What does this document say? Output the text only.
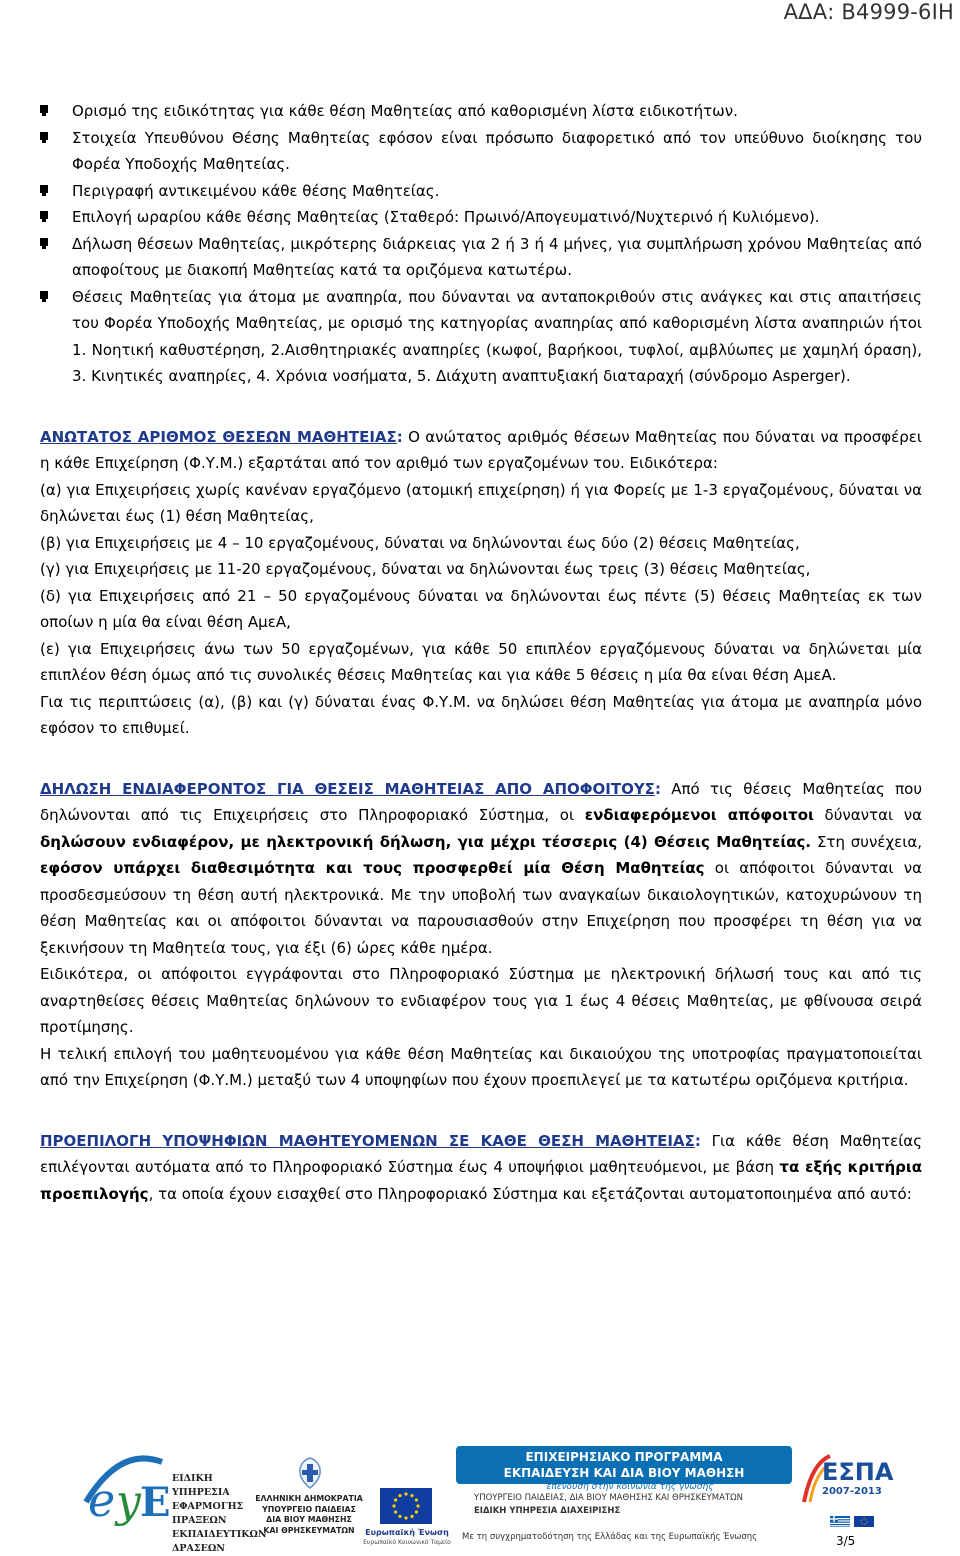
ΑΔΑ: Β4999-6ΙΗ
Ορισμό της ειδικότητας για κάθε θέση Μαθητείας από καθορισμένη λίστα ειδικοτήτων.
Στοιχεία Υπευθύνου Θέσης Μαθητείας εφόσον είναι πρόσωπο διαφορετικό από τον υπεύθυνο διοίκησης του Φορέα Υποδοχής Μαθητείας.
Περιγραφή αντικειμένου κάθε θέσης Μαθητείας.
Επιλογή ωραρίου κάθε θέσης Μαθητείας (Σταθερό: Πρωινό/Απογευματινό/Νυχτερινό ή Κυλιόμενο).
Δήλωση θέσεων Μαθητείας, μικρότερης διάρκειας για 2 ή 3 ή 4 μήνες, για συμπλήρωση χρόνου Μαθητείας από αποφοίτους με διακοπή Μαθητείας κατά τα οριζόμενα κατωτέρω.
Θέσεις Μαθητείας για άτομα με αναπηρία, που δύνανται να ανταποκριθούν στις ανάγκες και στις απαιτήσεις του Φορέα Υποδοχής Μαθητείας, με ορισμό της κατηγορίας αναπηρίας από καθορισμένη λίστα αναπηριών ήτοι 1. Νοητική καθυστέρηση, 2.Αισθητηριακές αναπηρίες (κωφοί, βαρήκοοι, τυφλοί, αμβλύωπες με χαμηλή όραση), 3. Κινητικές αναπηρίες, 4. Χρόνια νοσήματα, 5. Διάχυτη αναπτυξιακή διαταραχή (σύνδρομο Asperger).

ΑΝΩΤΑΤΟΣ ΑΡΙΘΜΟΣ ΘΕΣΕΩΝ ΜΑΘΗΤΕΙΑΣ: Ο ανώτατος αριθμός θέσεων Μαθητείας που δύναται να προσφέρει η κάθε Επιχείρηση (Φ.Υ.Μ.) εξαρτάται από τον αριθμό των εργαζομένων του. Ειδικότερα:

(α) για Επιχειρήσεις χωρίς κανέναν εργαζόμενο (ατομική επιχείρηση) ή για Φορείς με 1-3 εργαζομένους, δύναται να δηλώνεται έως (1) θέση Μαθητείας,

(β) για Επιχειρήσεις με 4 – 10 εργαζομένους, δύναται να δηλώνονται έως δύο (2) θέσεις Μαθητείας,

(γ) για Επιχειρήσεις με 11-20 εργαζομένους, δύναται να δηλώνονται έως τρεις (3) θέσεις Μαθητείας,

(δ) για Επιχειρήσεις από 21 – 50 εργαζομένους δύναται να δηλώνονται έως πέντε (5) θέσεις Μαθητείας εκ των οποίων η μία θα είναι θέση ΑμεΑ,

(ε) για Επιχειρήσεις άνω των 50 εργαζομένων, για κάθε 50 επιπλέον εργαζόμενους δύναται να δηλώνεται μία επιπλέον θέση όμως από τις συνολικές θέσεις Μαθητείας και για κάθε 5 θέσεις η μία θα είναι θέση ΑμεΑ.

Για τις περιπτώσεις (α), (β) και (γ) δύναται ένας Φ.Υ.Μ. να δηλώσει θέση Μαθητείας για άτομα με αναπηρία μόνο εφόσον το επιθυμεί.

ΔΗΛΩΣΗ ΕΝΔΙΑΦΕΡΟΝΤΟΣ ΓΙΑ ΘΕΣΕΙΣ ΜΑΘΗΤΕΙΑΣ ΑΠΟ ΑΠΟΦΟΙΤΟΥΣ: Από τις θέσεις Μαθητείας που δηλώνονται από τις Επιχειρήσεις στο Πληροφοριακό Σύστημα, οι ενδιαφερόμενοι απόφοιτοι δύνανται να δηλώσουν ενδιαφέρον, με ηλεκτρονική δήλωση, για μέχρι τέσσερις (4) Θέσεις Μαθητείας. Στη συνέχεια, εφόσον υπάρχει διαθεσιμότητα και τους προσφερθεί μία Θέση Μαθητείας οι απόφοιτοι δύνανται να προσδεσμεύσουν τη θέση αυτή ηλεκτρονικά. Με την υποβολή των αναγκαίων δικαιολογητικών, κατοχυρώνουν τη θέση Μαθητείας και οι απόφοιτοι δύνανται να παρουσιασθούν στην Επιχείρηση που προσφέρει τη θέση για να ξεκινήσουν τη Μαθητεία τους, για έξι (6) ώρες κάθε ημέρα.

Ειδικότερα, οι απόφοιτοι εγγράφονται στο Πληροφοριακό Σύστημα με ηλεκτρονική δήλωσή τους και από τις αναρτηθείσες θέσεις Μαθητείας δηλώνουν το ενδιαφέρον τους για 1 έως 4 θέσεις Μαθητείας, με φθίνουσα σειρά προτίμησης.

Η τελική επιλογή του μαθητευομένου για κάθε θέση Μαθητείας και δικαιούχου της υποτροφίας πραγματοποιείται από την Επιχείρηση (Φ.Υ.Μ.) μεταξύ των 4 υποψηφίων που έχουν προεπιλεγεί με τα κατωτέρω οριζόμενα κριτήρια.

ΠΡΟΕΠΙΛΟΓΗ ΥΠΟΨΗΦΙΩΝ ΜΑΘΗΤΕΥΟΜΕΝΩΝ ΣΕ ΚΑΘΕ ΘΕΣΗ ΜΑΘΗΤΕΙΑΣ: Για κάθε θέση Μαθητείας επιλέγονται αυτόματα από το Πληροφοριακό Σύστημα έως 4 υποψήφιοι μαθητευόμενοι, με βάση τα εξής κριτήρια προεπιλογής, τα οποία έχουν εισαχθεί στο Πληροφοριακό Σύστημα και εξετάζονται αυτοματοποιημένα από αυτό:

e y E
ΕΙΔΙΚΗ
ΥΠΗΡΕΣΙΑ
ΕΦΑΡΜΟΓΗΣ
ΠΡΑΞΕΩΝ
ΕΚΠΑΙΔΕΥΤΙΚΩΝ
ΔΡΑΣΕΩΝ
ΕΛΛΗΝΙΚΗ ΔΗΜΟΚΡΑΤΙΑ
ΥΠΟΥΡΓΕΙΟ ΠΑΙΔΕΙΑΣ
ΔΙΑ ΒΙΟΥ ΜΑΘΗΣΗΣ
ΚΑΙ ΘΡΗΣΚΕΥΜΑΤΩΝ	Ευρωπαϊκή Ένωση
Ευρωπαϊκό Κοινωνικό Ταμείο
ΕΠΙΧΕΙΡΗΣΙΑΚΟ ΠΡΟΓΡΑΜΜΑ
ΕΚΠΑΙΔΕΥΣΗ ΚΑΙ ΔΙΑ ΒΙΟΥ ΜΑΘΗΣΗ
επένδυση στην κοινωνία της γνώσης
ΕΣΠΑ
2007-2013
ΥΠΟΥΡΓΕΙΟ ΠΑΙΔΕΙΑΣ, ΔΙΑ ΒΙΟΥ ΜΑΘΗΣΗΣ ΚΑΙ ΘΡΗΣΚΕΥΜΑΤΩΝ
ΕΙΔΙΚΗ ΥΠΗΡΕΣΙΑ ΔΙΑΧΕΙΡΙΣΗΣ
Με τη συγχρηματοδότηση της Ελλάδας και της Ευρωπαϊκής Ένωσης	3/5
